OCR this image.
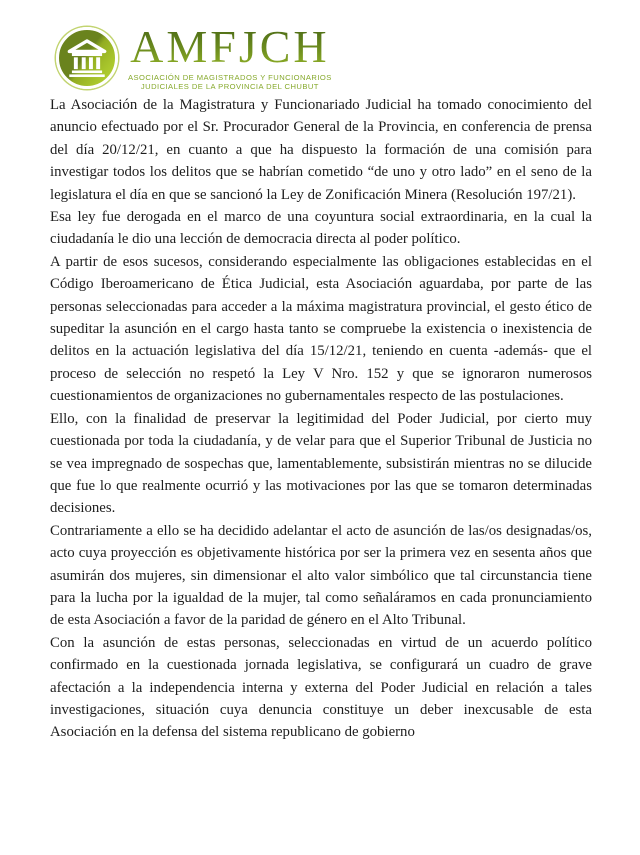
AMFJCH
ASOCIACIÓN DE MAGISTRADOS Y FUNCIONARIOS
JUDICIALES DE LA PROVINCIA DEL CHUBUT

La Asociación de la Magistratura y Funcionariado Judicial ha tomado conocimiento del anuncio efectuado por el Sr. Procurador General de la Provincia, en conferencia de prensa del día 20/12/21, en cuanto a que ha dispuesto la formación de una comisión para investigar todos los delitos que se habrían cometido “de uno y otro lado” en el seno de la legislatura el día en que se sancionó la Ley de Zonificación Minera (Resolución 197/21).

Esa ley fue derogada en el marco de una coyuntura social extraordinaria, en la cual la ciudadanía le dio una lección de democracia directa al poder político.

A partir de esos sucesos, considerando especialmente las obligaciones establecidas en el Código Iberoamericano de Ética Judicial, esta Asociación aguardaba, por parte de las personas seleccionadas para acceder a la máxima magistratura provincial, el gesto ético de supeditar la asunción en el cargo hasta tanto se compruebe la existencia o inexistencia de delitos en la actuación legislativa del día 15/12/21, teniendo en cuenta -además- que el proceso de selección no respetó la Ley V Nro. 152 y que se ignoraron numerosos cuestionamientos de organizaciones no gubernamentales respecto de las postulaciones.

Ello, con la finalidad de preservar la legitimidad del Poder Judicial, por cierto muy cuestionada por toda la ciudadanía, y de velar para que el Superior Tribunal de Justicia no se vea impregnado de sospechas que, lamentablemente, subsistirán mientras no se dilucide que fue lo que realmente ocurrió y las motivaciones por las que se tomaron determinadas decisiones.

Contrariamente a ello se ha decidido adelantar el acto de asunción de las/os designadas/os, acto cuya proyección es objetivamente histórica por ser la primera vez en sesenta años que asumirán dos mujeres, sin dimensionar el alto valor simbólico que tal circunstancia tiene para la lucha por la igualdad de la mujer, tal como señaláramos en cada pronunciamiento de esta Asociación a favor de la paridad de género en el Alto Tribunal.

Con la asunción de estas personas, seleccionadas en virtud de un acuerdo político confirmado en la cuestionada jornada legislativa, se configurará un cuadro de grave afectación a la independencia interna y externa del Poder Judicial en relación a tales investigaciones, situación cuya denuncia constituye un deber inexcusable de esta Asociación en la defensa del sistema republicano de gobierno
